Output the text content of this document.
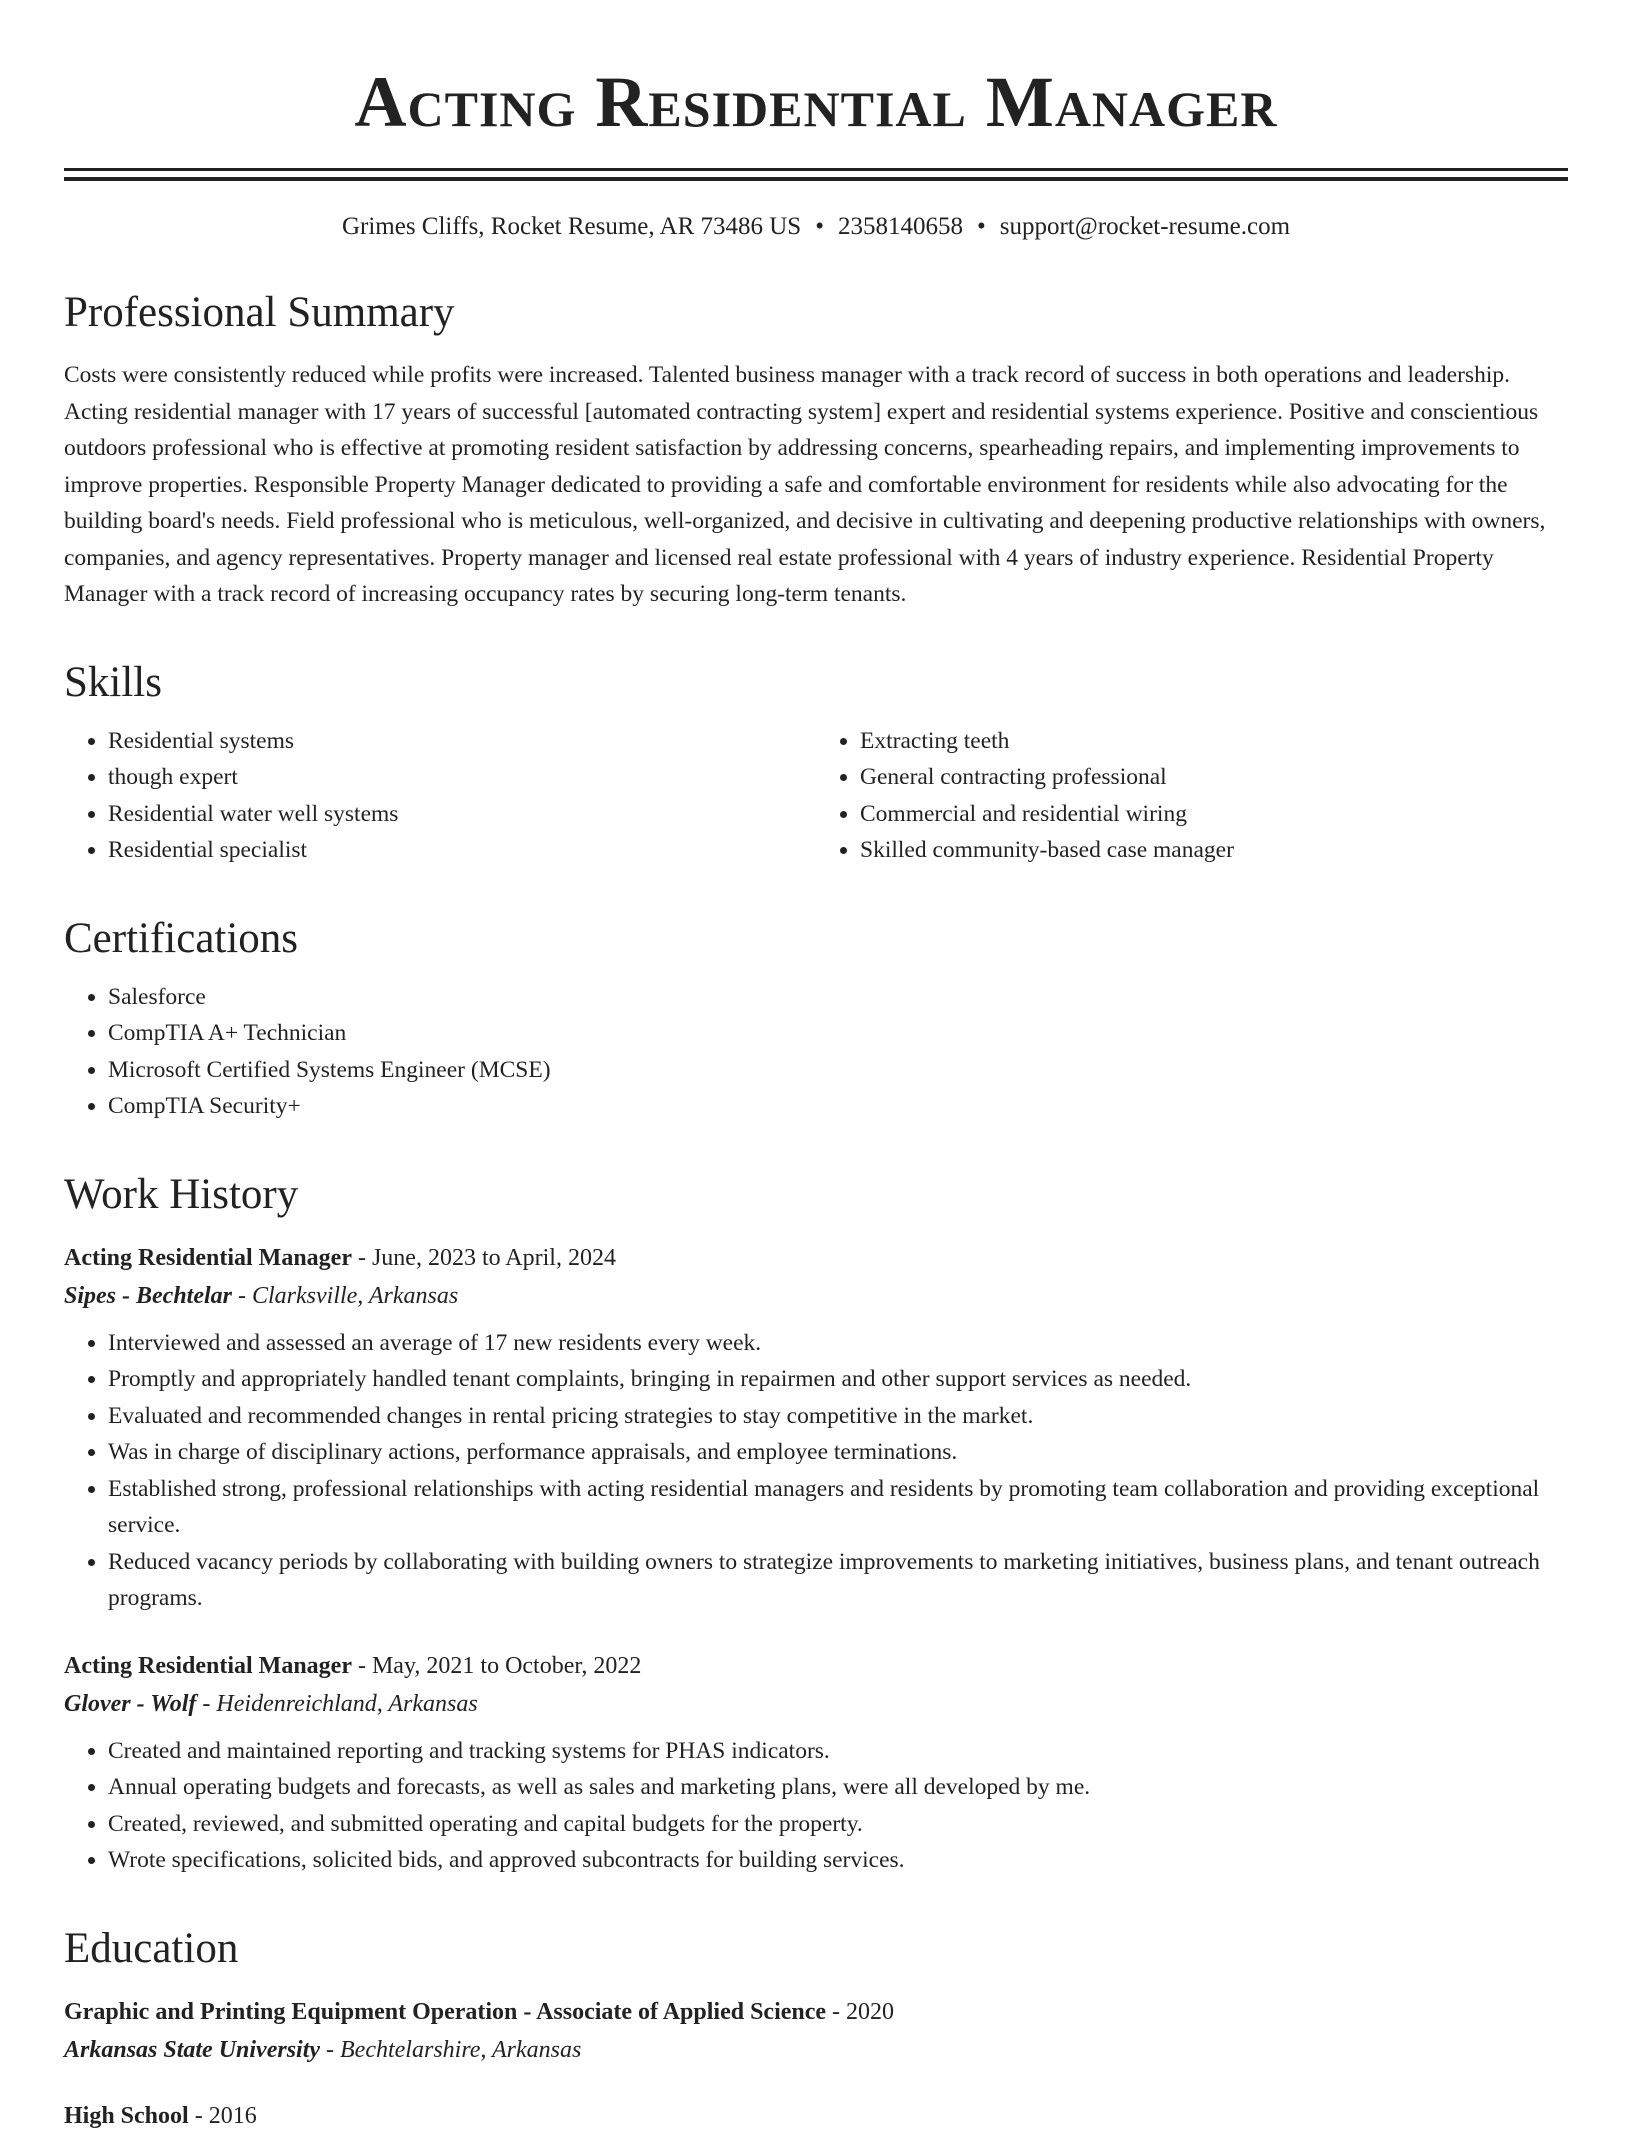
Acting Residential Manager
Grimes Cliffs, Rocket Resume, AR 73486 US • 2358140658 • support@rocket-resume.com
Professional Summary

Costs were consistently reduced while profits were increased. Talented business manager with a track record of success in both operations and leadership. Acting residential manager with 17 years of successful [automated contracting system] expert and residential systems experience. Positive and conscientious outdoors professional who is effective at promoting resident satisfaction by addressing concerns, spearheading repairs, and implementing improvements to improve properties. Responsible Property Manager dedicated to providing a safe and comfortable environment for residents while also advocating for the building board's needs. Field professional who is meticulous, well-organized, and decisive in cultivating and deepening productive relationships with owners, companies, and agency representatives. Property manager and licensed real estate professional with 4 years of industry experience. Residential Property Manager with a track record of increasing occupancy rates by securing long-term tenants.

Skills
• Residential systems
• though expert
• Residential water well systems
• Residential specialist
• Extracting teeth
• General contracting professional
• Commercial and residential wiring
• Skilled community-based case manager
Certifications
• Salesforce
• CompTIA A+ Technician
• Microsoft Certified Systems Engineer (MCSE)
• CompTIA Security+
Work History
Acting Residential Manager - June, 2023 to April, 2024
Sipes - Bechtelar - Clarksville, Arkansas
• Interviewed and assessed an average of 17 new residents every week.
• Promptly and appropriately handled tenant complaints, bringing in repairmen and other support services as needed.
• Evaluated and recommended changes in rental pricing strategies to stay competitive in the market.
• Was in charge of disciplinary actions, performance appraisals, and employee terminations.
• Established strong, professional relationships with acting residential managers and residents by promoting team collaboration and providing exceptional service.
• Reduced vacancy periods by collaborating with building owners to strategize improvements to marketing initiatives, business plans, and tenant outreach programs.
Acting Residential Manager - May, 2021 to October, 2022
Glover - Wolf - Heidenreichland, Arkansas
• Created and maintained reporting and tracking systems for PHAS indicators.
• Annual operating budgets and forecasts, as well as sales and marketing plans, were all developed by me.
• Created, reviewed, and submitted operating and capital budgets for the property.
• Wrote specifications, solicited bids, and approved subcontracts for building services.
Education
Graphic and Printing Equipment Operation - Associate of Applied Science - 2020
Arkansas State University - Bechtelarshire, Arkansas
High School - 2016
